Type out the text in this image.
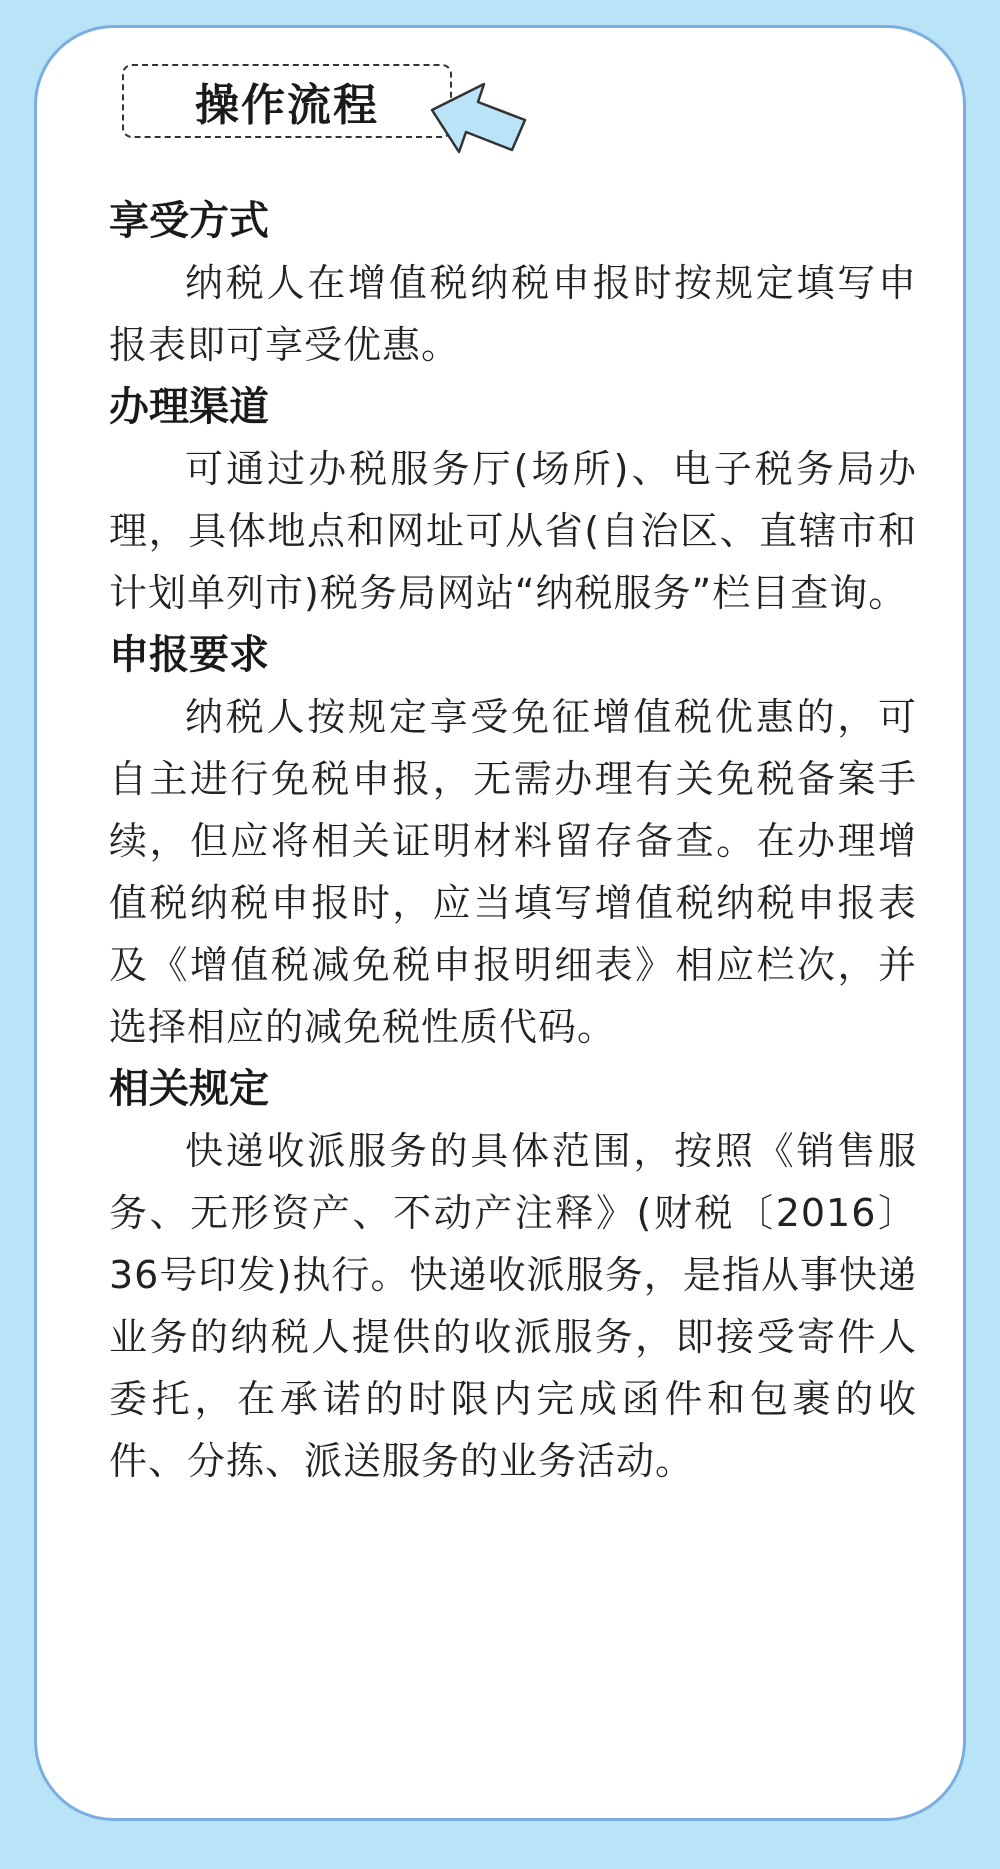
操作流程
享受方式
纳税人在增值税纳税申报时按规定填写申报表即可享受优惠。
办理渠道
可通过办税服务厅(场所)、电子税务局办理，具体地点和网址可从省(自治区、直辖市和计划单列市)税务局网站“纳税服务”栏目查询。
申报要求
纳税人按规定享受免征增值税优惠的，可自主进行免税申报，无需办理有关免税备案手续，但应将相关证明材料留存备查。在办理增值税纳税申报时，应当填写增值税纳税申报表及《增值税减免税申报明细表》相应栏次，并选择相应的减免税性质代码。
相关规定
快递收派服务的具体范围，按照《销售服务、无形资产、不动产注释》(财税〔2016〕36号印发)执行。快递收派服务，是指从事快递业务的纳税人提供的收派服务，即接受寄件人委托，在承诺的时限内完成函件和包裹的收件、分拣、派送服务的业务活动。
